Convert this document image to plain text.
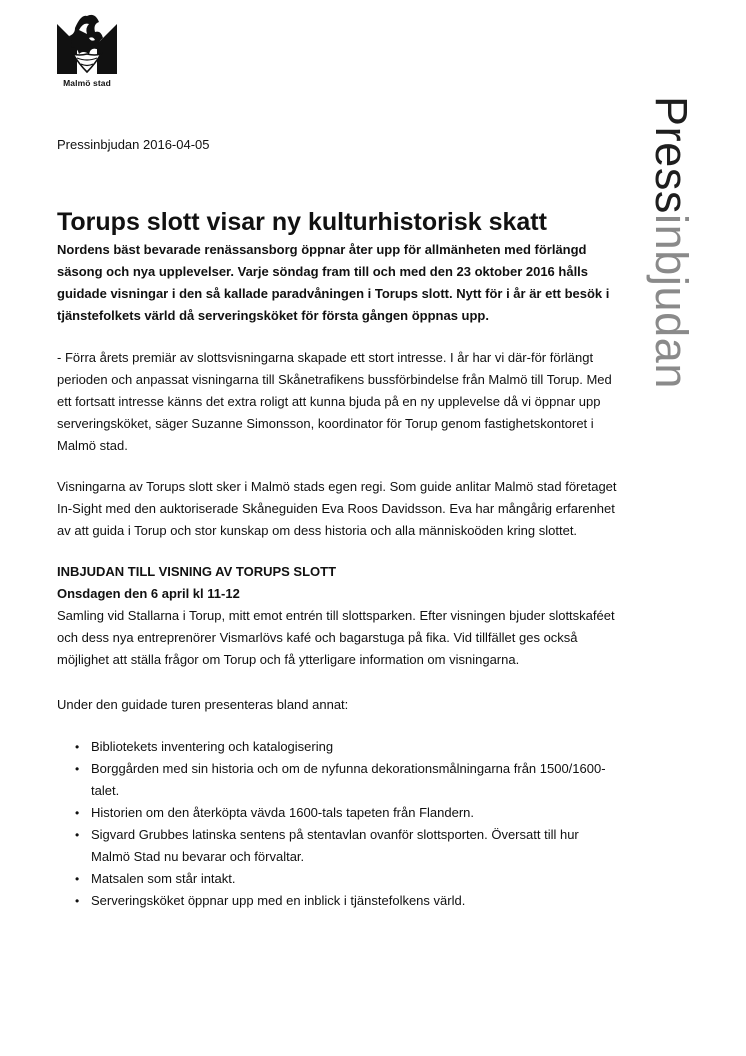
Malmö stad
Pressinbjudan

Pressinbjudan 2016-04-05

Torups slott visar ny kulturhistorisk skatt

Nordens bäst bevarade renässansborg öppnar åter upp för allmänheten med förlängd säsong och nya upplevelser. Varje söndag fram till och med den 23 oktober 2016 hålls guidade visningar i den så kallade paradvåningen i Torups slott. Nytt för i år är ett besök i tjänstefolkets värld då serveringsköket för första gången öppnas upp.

- Förra årets premiär av slottsvisningarna skapade ett stort intresse. I år har vi där-för förlängt perioden och anpassat visningarna till Skånetrafikens bussförbindelse från Malmö till Torup. Med ett fortsatt intresse känns det extra roligt att kunna bjuda på en ny upplevelse då vi öppnar upp serveringsköket, säger Suzanne Simonsson, koordinator för Torup genom fastighetskontoret i Malmö stad.

Visningarna av Torups slott sker i Malmö stads egen regi. Som guide anlitar Malmö stad företaget In-Sight med den auktoriserade Skåneguiden Eva Roos Davidsson. Eva har mångårig erfarenhet av att guida i Torup och stor kunskap om dess historia och alla människoöden kring slottet.

INBJUDAN TILL VISNING AV TORUPS SLOTT

Onsdagen den 6 april kl 11-12

Samling vid Stallarna i Torup, mitt emot entrén till slottsparken. Efter visningen bjuder slottskaféet och dess nya entreprenörer Vismarlövs kafé och bagarstuga på fika. Vid tillfället ges också möjlighet att ställa frågor om Torup och få ytterligare information om visningarna.

Under den guidade turen presenteras bland annat:

• Bibliotekets inventering och katalogisering
• Borggården med sin historia och om de nyfunna dekorationsmålningarna från 1500/1600-talet.
• Historien om den återköpta vävda 1600-tals tapeten från Flandern.
• Sigvard Grubbes latinska sentens på stentavlan ovanför slottsporten. Översatt till hur Malmö Stad nu bevarar och förvaltar.
• Matsalen som står intakt.
• Serveringsköket öppnar upp med en inblick i tjänstefolkens värld.
